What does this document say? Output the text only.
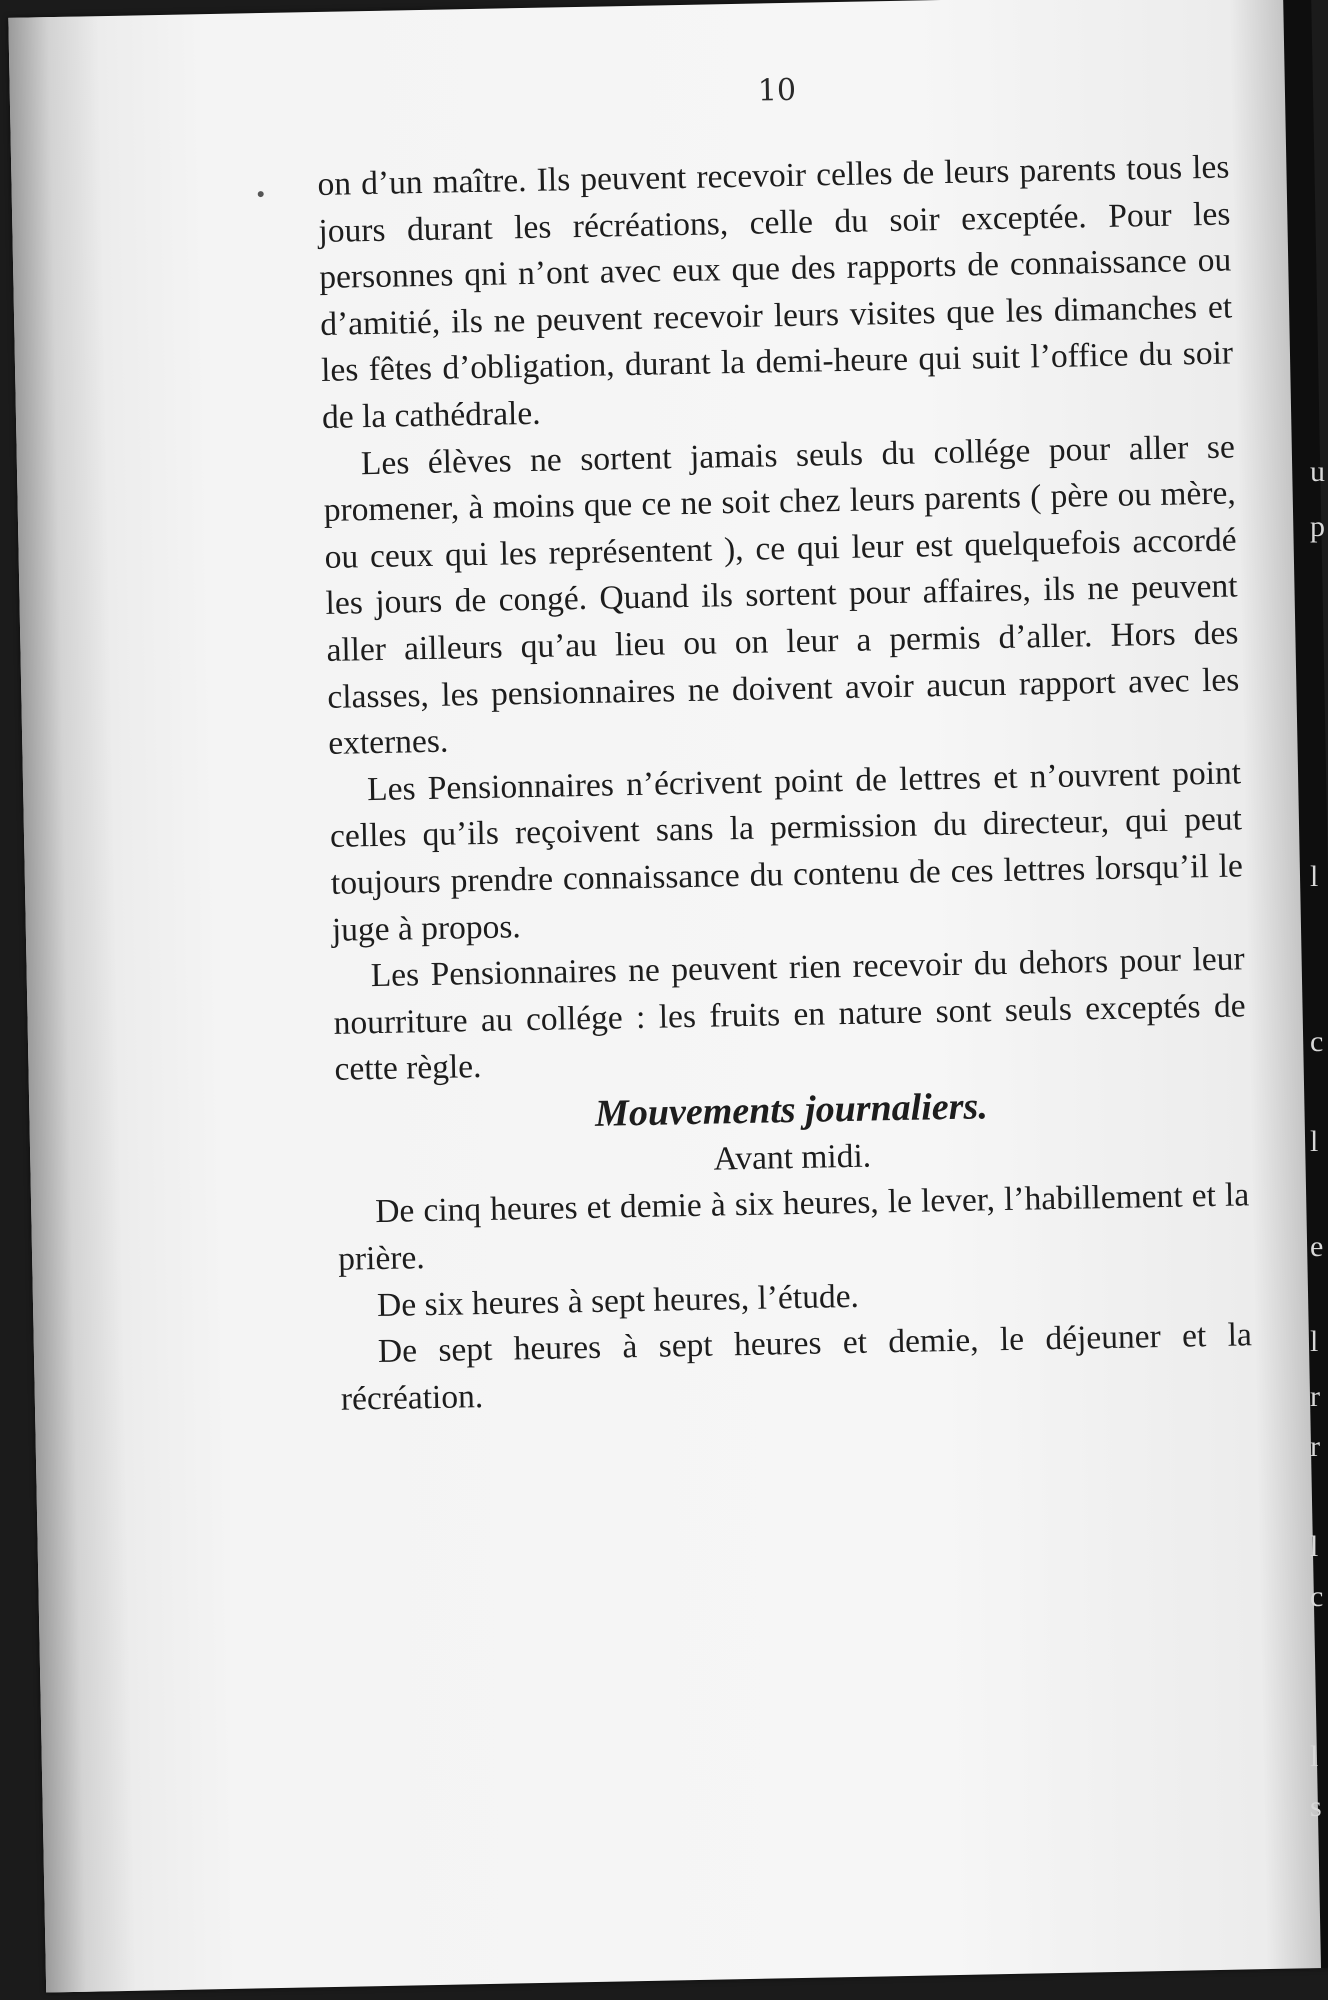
10

on d’un maître. Ils peuvent recevoir celles de leurs parents tous les jours durant les récréations, celle du soir exceptée. Pour les personnes qni n’ont avec eux que des rapports de connaissance ou d’amitié, ils ne peuvent recevoir leurs visites que les dimanches et les fêtes d’obligation, durant la demi-heure qui suit l’office du soir de la cathédrale.

Les élèves ne sortent jamais seuls du collége pour aller se promener, à moins que ce ne soit chez leurs parents ( père ou mère, ou ceux qui les représentent ), ce qui leur est quelquefois accordé les jours de congé. Quand ils sortent pour affaires, ils ne peuvent aller ailleurs qu’au lieu ou on leur a permis d’aller. Hors des classes, les pensionnaires ne doivent avoir aucun rapport avec les externes.

Les Pensionnaires n’écrivent point de lettres et n’ouvrent point celles qu’ils reçoivent sans la permission du directeur, qui peut toujours prendre connaissance du contenu de ces lettres lorsqu’il le juge à propos.

Les Pensionnaires ne peuvent rien recevoir du dehors pour leur nourriture au collége : les fruits en nature sont seuls exceptés de cette règle.

Mouvements journaliers.

Avant midi.

De cinq heures et demie à six heures, le lever, l’habillement et la prière.

De six heures à sept heures, l’étude.

De sept heures à sept heures et demie, le déjeuner et la récréation.

u
p
l
c
l
e
l
r
r
l
c
l
s
